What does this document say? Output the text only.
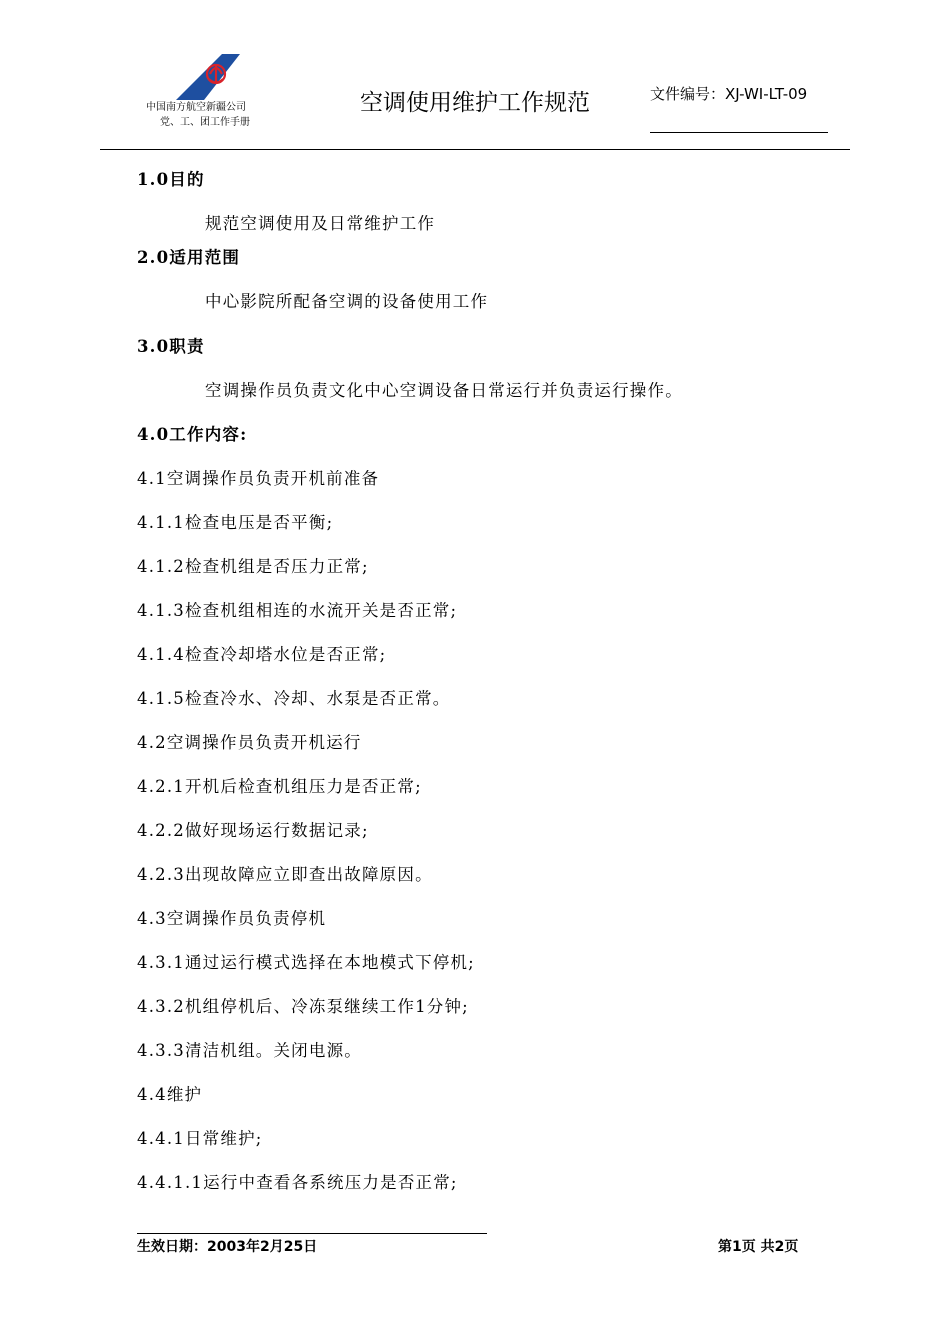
中国南方航空新疆公司
党、工、团工作手册
空调使用维护工作规范	文件编号：XJ-WI-LT-09
1.0目的
规范空调使用及日常维护工作
2.0适用范围
中心影院所配备空调的设备使用工作
3.0职责
空调操作员负责文化中心空调设备日常运行并负责运行操作。
4.0工作内容:
4.1空调操作员负责开机前准备
4.1.1检查电压是否平衡;
4.1.2检查机组是否压力正常;
4.1.3检查机组相连的水流开关是否正常;
4.1.4检查冷却塔水位是否正常;
4.1.5检查冷水、冷却、水泵是否正常。
4.2空调操作员负责开机运行
4.2.1开机后检查机组压力是否正常;
4.2.2做好现场运行数据记录;
4.2.3出现故障应立即查出故障原因。
4.3空调操作员负责停机
4.3.1通过运行模式选择在本地模式下停机;
4.3.2机组停机后、冷冻泵继续工作1分钟;
4.3.3清洁机组。关闭电源。
4.4维护
4.4.1日常维护;
4.4.1.1运行中查看各系统压力是否正常;
生效日期：2003年2月25日	第1页 共2页
